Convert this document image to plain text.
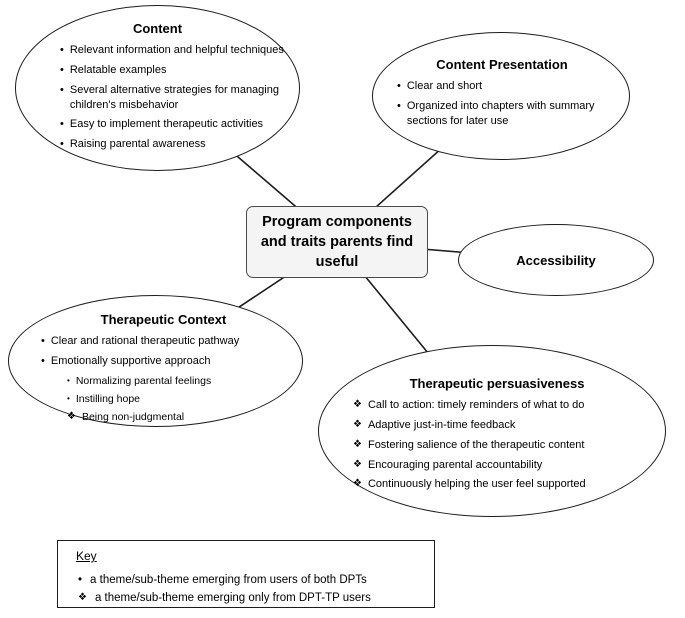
Content
• Relevant information and helpful techniques
• Relatable examples
• Several alternative strategies for managing children's misbehavior
• Easy to implement therapeutic activities
• Raising parental awareness
Content Presentation
• Clear and short
• Organized into chapters with summary sections for later use
Program components and traits parents find useful	Accessibility
Therapeutic Context
• Clear and rational therapeutic pathway
• Emotionally supportive approach
• Normalizing parental feelings
• Instilling hope
❖ Being non-judgmental
Therapeutic persuasiveness
❖ Call to action: timely reminders of what to do
❖ Adaptive just-in-time feedback
❖ Fostering salience of the therapeutic content
❖ Encouraging parental accountability
❖ Continuously helping the user feel supported
Key
• a theme/sub-theme emerging from users of both DPTs
❖ a theme/sub-theme emerging only from DPT-TP users
